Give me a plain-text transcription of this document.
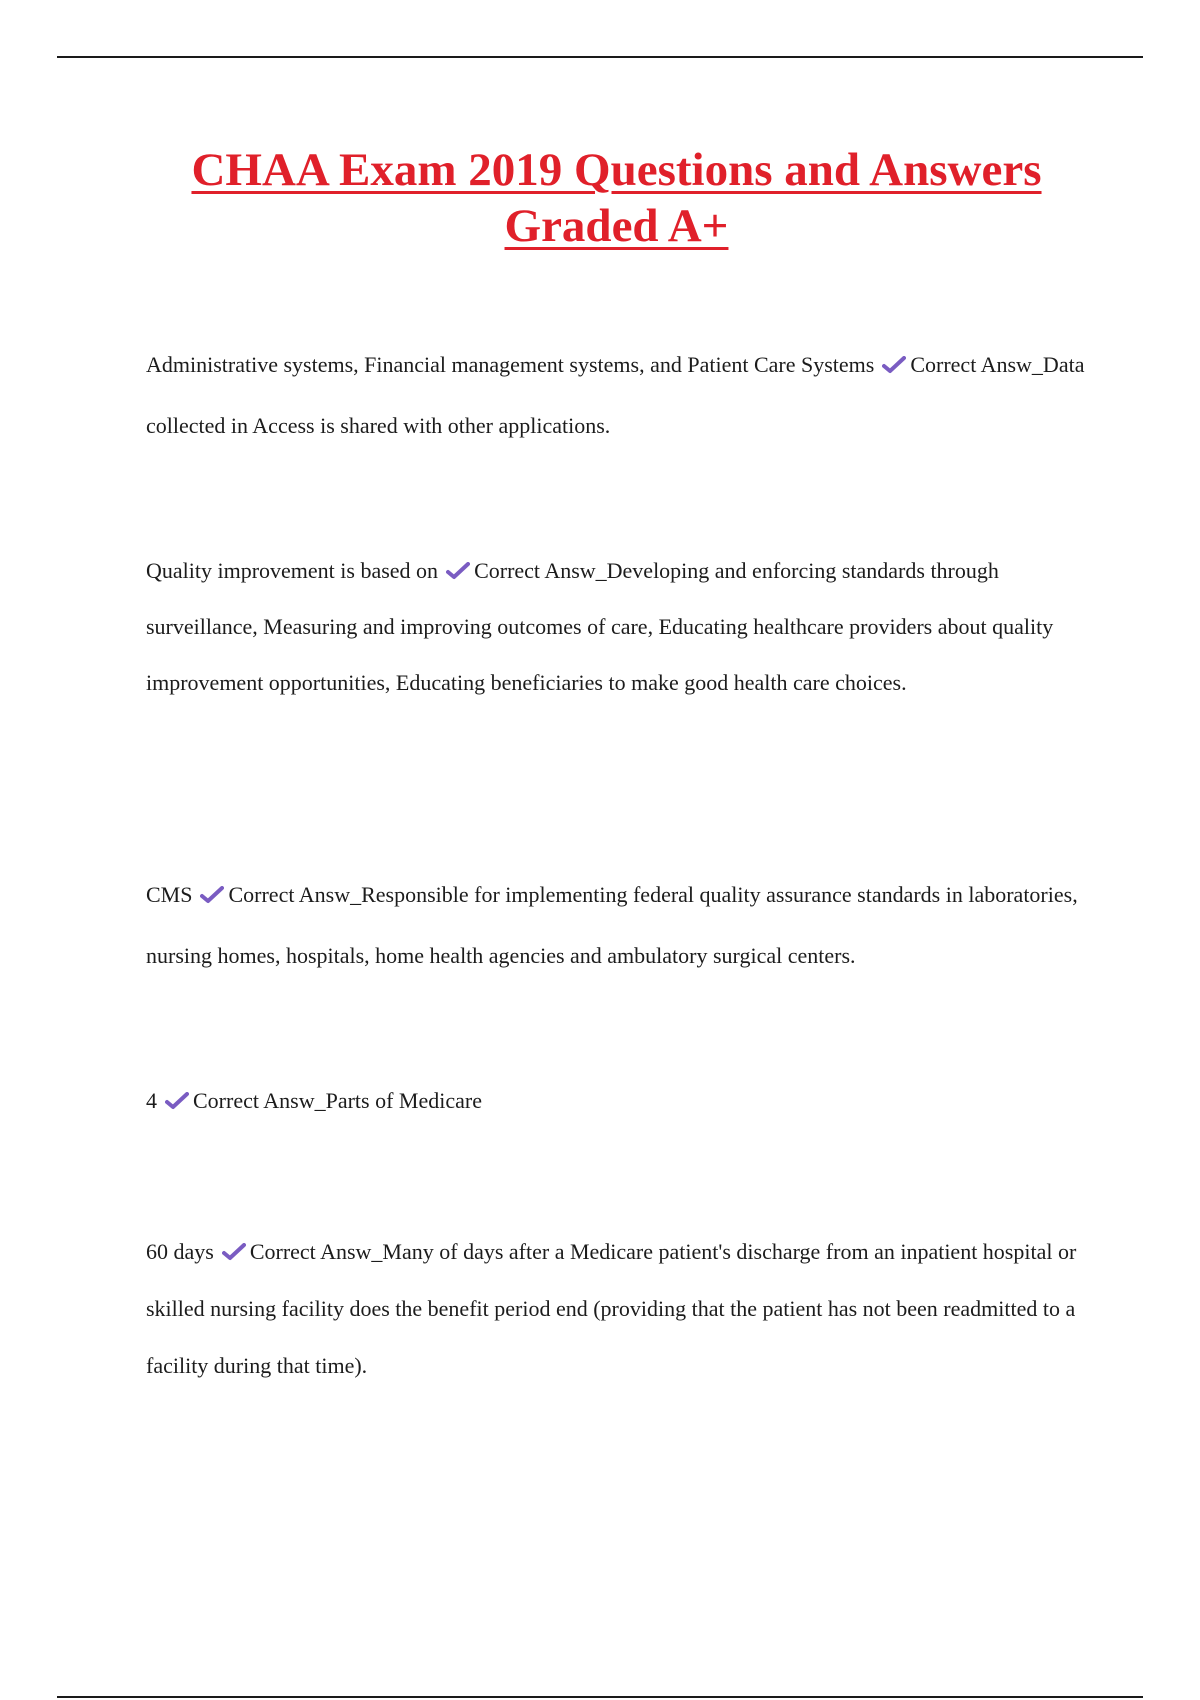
CHAA Exam 2019 Questions and Answers
Graded A+

Administrative systems, Financial management systems, and Patient Care Systems Correct Answ_Data collected in Access is shared with other applications.

Quality improvement is based on Correct Answ_Developing and enforcing standards through surveillance, Measuring and improving outcomes of care, Educating healthcare providers about quality improvement opportunities, Educating beneficiaries to make good health care choices.

CMS Correct Answ_Responsible for implementing federal quality assurance standards in laboratories, nursing homes, hospitals, home health agencies and ambulatory surgical centers.

4 Correct Answ_Parts of Medicare

60 days Correct Answ_Many of days after a Medicare patient's discharge from an inpatient hospital or skilled nursing facility does the benefit period end (providing that the patient has not been readmitted to a facility during that time).
